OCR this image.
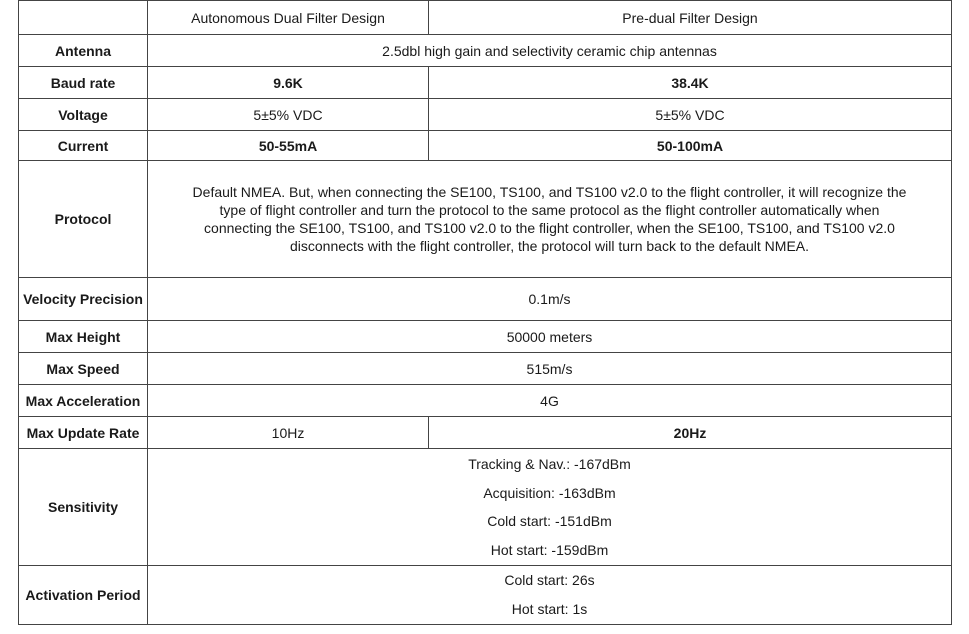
	Autonomous Dual Filter Design	Pre-dual Filter Design
Antenna	2.5dbl high gain and selectivity ceramic chip antennas	
Baud rate	9.6K	38.4K
Voltage	5±5% VDC	5±5% VDC
Current	50-55mA	50-100mA
Protocol	Default NMEA. But, when connecting the SE100, TS100, and TS100 v2.0 to the flight controller, it will recognize the
type of flight controller and turn the protocol to the same protocol as the flight controller automatically when
connecting the SE100, TS100, and TS100 v2.0 to the flight controller, when the SE100, TS100, and TS100 v2.0
disconnects with the flight controller, the protocol will turn back to the default NMEA.	

Velocity Precision	0.1m/s	
Max Height	50000 meters	
Max Speed	515m/s	
Max Acceleration	4G	
Max Update Rate	10Hz	20Hz
Sensitivity	Tracking & Nav.: -167dBm
Acquisition: -163dBm
Cold start: -151dBm
Hot start: -159dBm	

Activation Period	Cold start: 26s
Hot start: 1s	
